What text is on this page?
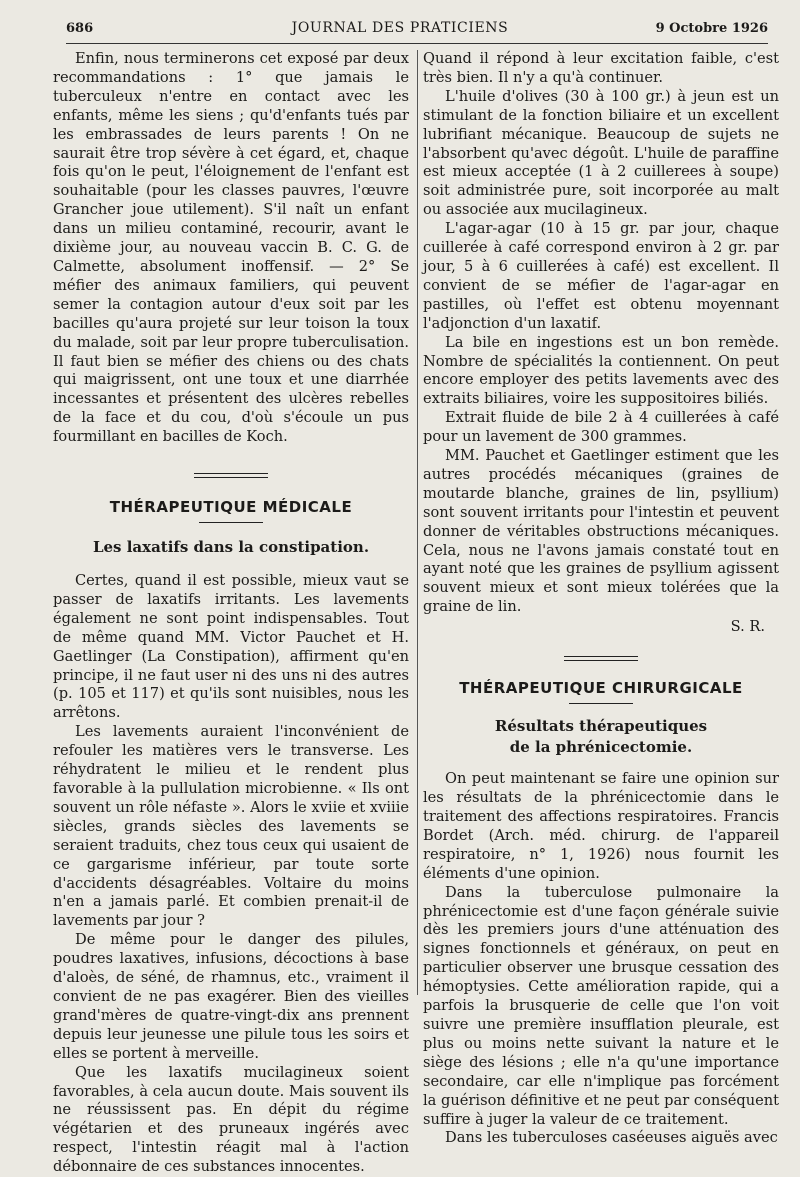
686	JOURNAL DES PRATICIENS	9 Octobre 1926

Enfin, nous terminerons cet exposé par deux recommandations : 1° que jamais le tuberculeux n'entre en contact avec les enfants, même les siens ; qu'd'enfants tués par les embrassades de leurs parents ! On ne saurait être trop sévère à cet égard, et, chaque fois qu'on le peut, l'éloignement de l'enfant est souhaitable (pour les classes pauvres, l'œuvre Grancher joue utilement). S'il naît un enfant dans un milieu contaminé, recourir, avant le dixième jour, au nouveau vaccin B. C. G. de Calmette, absolument inoffensif. — 2° Se méfier des animaux familiers, qui peuvent semer la contagion autour d'eux soit par les bacilles qu'aura projeté sur leur toison la toux du malade, soit par leur propre tuberculisation. Il faut bien se méfier des chiens ou des chats qui maigrissent, ont une toux et une diarrhée incessantes et présentent des ulcères rebelles de la face et du cou, d'où s'écoule un pus fourmillant en bacilles de Koch.

THÉRAPEUTIQUE MÉDICALE
Les laxatifs dans la constipation.

Certes, quand il est possible, mieux vaut se passer de laxatifs irritants. Les lavements également ne sont point indispensables. Tout de même quand MM. Victor Pauchet et H. Gaetlinger (La Constipation), affirment qu'en principe, il ne faut user ni des uns ni des autres (p. 105 et 117) et qu'ils sont nuisibles, nous les arrêtons.

Les lavements auraient l'inconvénient de refouler les matières vers le transverse. Les réhydratent le milieu et le rendent plus favorable à la pullulation microbienne. « Ils ont souvent un rôle néfaste ». Alors le xviie et xviiie siècles, grands siècles des lavements se seraient traduits, chez tous ceux qui usaient de ce gargarisme inférieur, par toute sorte d'accidents désagréables. Voltaire du moins n'en a jamais parlé. Et combien prenait-il de lavements par jour ?

De même pour le danger des pilules, poudres laxatives, infusions, décoctions à base d'aloès, de séné, de rhamnus, etc., vraiment il convient de ne pas exagérer. Bien des vieilles grand'mères de quatre-vingt-dix ans prennent depuis leur jeunesse une pilule tous les soirs et elles se portent à merveille.

Que les laxatifs mucilagineux soient favorables, à cela aucun doute. Mais souvent ils ne réussissent pas. En dépit du régime végétarien et des pruneaux ingérés avec respect, l'intestin réagit mal à l'action débonnaire de ces substances innocentes.

Quand il répond à leur excitation faible, c'est très bien. Il n'y a qu'à continuer.

L'huile d'olives (30 à 100 gr.) à jeun est un stimulant de la fonction biliaire et un excellent lubrifiant mécanique. Beaucoup de sujets ne l'absorbent qu'avec dégoût. L'huile de paraffine est mieux acceptée (1 à 2 cuillerees à soupe) soit administrée pure, soit incorporée au malt ou associée aux mucilagineux.

L'agar-agar (10 à 15 gr. par jour, chaque cuillerée à café correspond environ à 2 gr. par jour, 5 à 6 cuillerées à café) est excellent. Il convient de se méfier de l'agar-agar en pastilles, où l'effet est obtenu moyennant l'adjonction d'un laxatif.

La bile en ingestions est un bon remède. Nombre de spécialités la contiennent. On peut encore employer des petits lavements avec des extraits biliaires, voire les suppositoires biliés.

Extrait fluide de bile 2 à 4 cuillerées à café pour un lavement de 300 grammes.

MM. Pauchet et Gaetlinger estiment que les autres procédés mécaniques (graines de moutarde blanche, graines de lin, psyllium) sont souvent irritants pour l'intestin et peuvent donner de véritables obstructions mécaniques. Cela, nous ne l'avons jamais constaté tout en ayant noté que les graines de psyllium agissent souvent mieux et sont mieux tolérées que la graine de lin.

S. R.

THÉRAPEUTIQUE CHIRURGICALE
Résultats thérapeutiques
de la phrénicectomie.

On peut maintenant se faire une opinion sur les résultats de la phrénicectomie dans le traitement des affections respiratoires. Francis Bordet (Arch. méd. chirurg. de l'appareil respiratoire, n° 1, 1926) nous fournit les éléments d'une opinion.

Dans la tuberculose pulmonaire la phrénicectomie est d'une façon générale suivie dès les premiers jours d'une atténuation des signes fonctionnels et généraux, on peut en particulier observer une brusque cessation des hémoptysies. Cette amélioration rapide, qui a parfois la brusquerie de celle que l'on voit suivre une première insufflation pleurale, est plus ou moins nette suivant la nature et le siège des lésions ; elle n'a qu'une importance secondaire, car elle n'implique pas forcément la guérison définitive et ne peut par conséquent suffire à juger la valeur de ce traitement.

Dans les tuberculoses caséeuses aiguës avec
